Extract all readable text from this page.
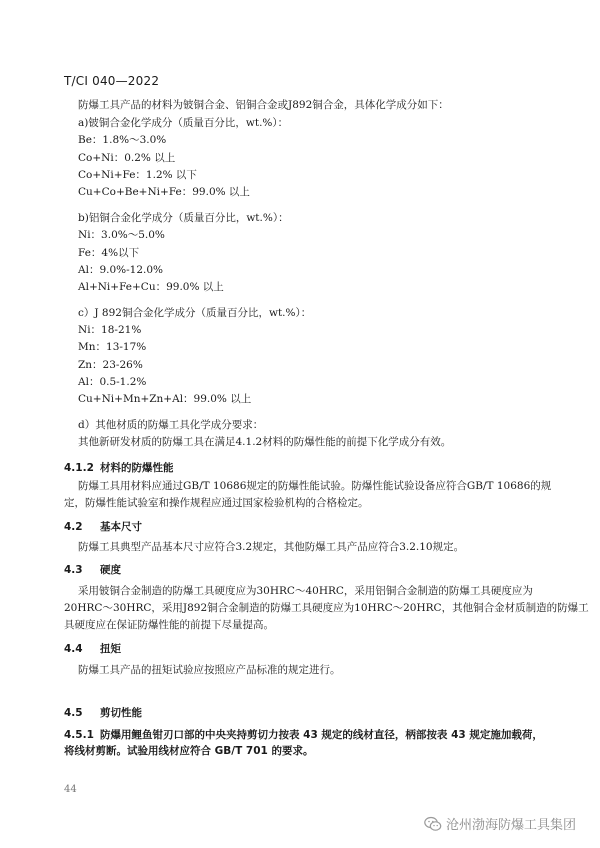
T/CI 040—2022
防爆工具产品的材料为铍铜合金、铝铜合金或J892铜合金，具体化学成分如下：
a)铍铜合金化学成分（质量百分比，wt.%）：
Be：1.8%～3.0%
Co+Ni：0.2% 以上
Co+Ni+Fe：1.2% 以下
Cu+Co+Be+Ni+Fe：99.0% 以上
b)铝铜合金化学成分（质量百分比，wt.%）：
Ni：3.0%～5.0%
Fe：4%以下
Al：9.0%-12.0%
Al+Ni+Fe+Cu：99.0% 以上
c）J 892铜合金化学成分（质量百分比，wt.%）：
Ni：18-21%
Mn：13-17%
Zn：23-26%
Al：0.5-1.2%
Cu+Ni+Mn+Zn+Al：99.0% 以上
d）其他材质的防爆工具化学成分要求：
其他新研发材质的防爆工具在满足4.1.2材料的防爆性能的前提下化学成分有效。
4.1.2 材料的防爆性能
防爆工具用材料应通过GB/T 10686规定的防爆性能试验。防爆性能试验设备应符合GB/T 10686的规
定，防爆性能试验室和操作规程应通过国家检验机构的合格检定。
4.2 基本尺寸
防爆工具典型产品基本尺寸应符合3.2规定，其他防爆工具产品应符合3.2.10规定。
4.3 硬度
采用铍铜合金制造的防爆工具硬度应为30HRC～40HRC，采用铝铜合金制造的防爆工具硬度应为
20HRC～30HRC，采用J892铜合金制造的防爆工具硬度应为10HRC～20HRC，其他铜合金材质制造的防爆工
具硬度应在保证防爆性能的前提下尽量提高。
4.4 扭矩
防爆工具产品的扭矩试验应按照应产品标准的规定进行。
4.5 剪切性能
4.5.1 防爆用鲤鱼钳刃口部的中央夹持剪切力按表 43 规定的线材直径，柄部按表 43 规定施加载荷，
将线材剪断。试验用线材应符合 GB/T 701 的要求。
44
沧州渤海防爆工具集团
